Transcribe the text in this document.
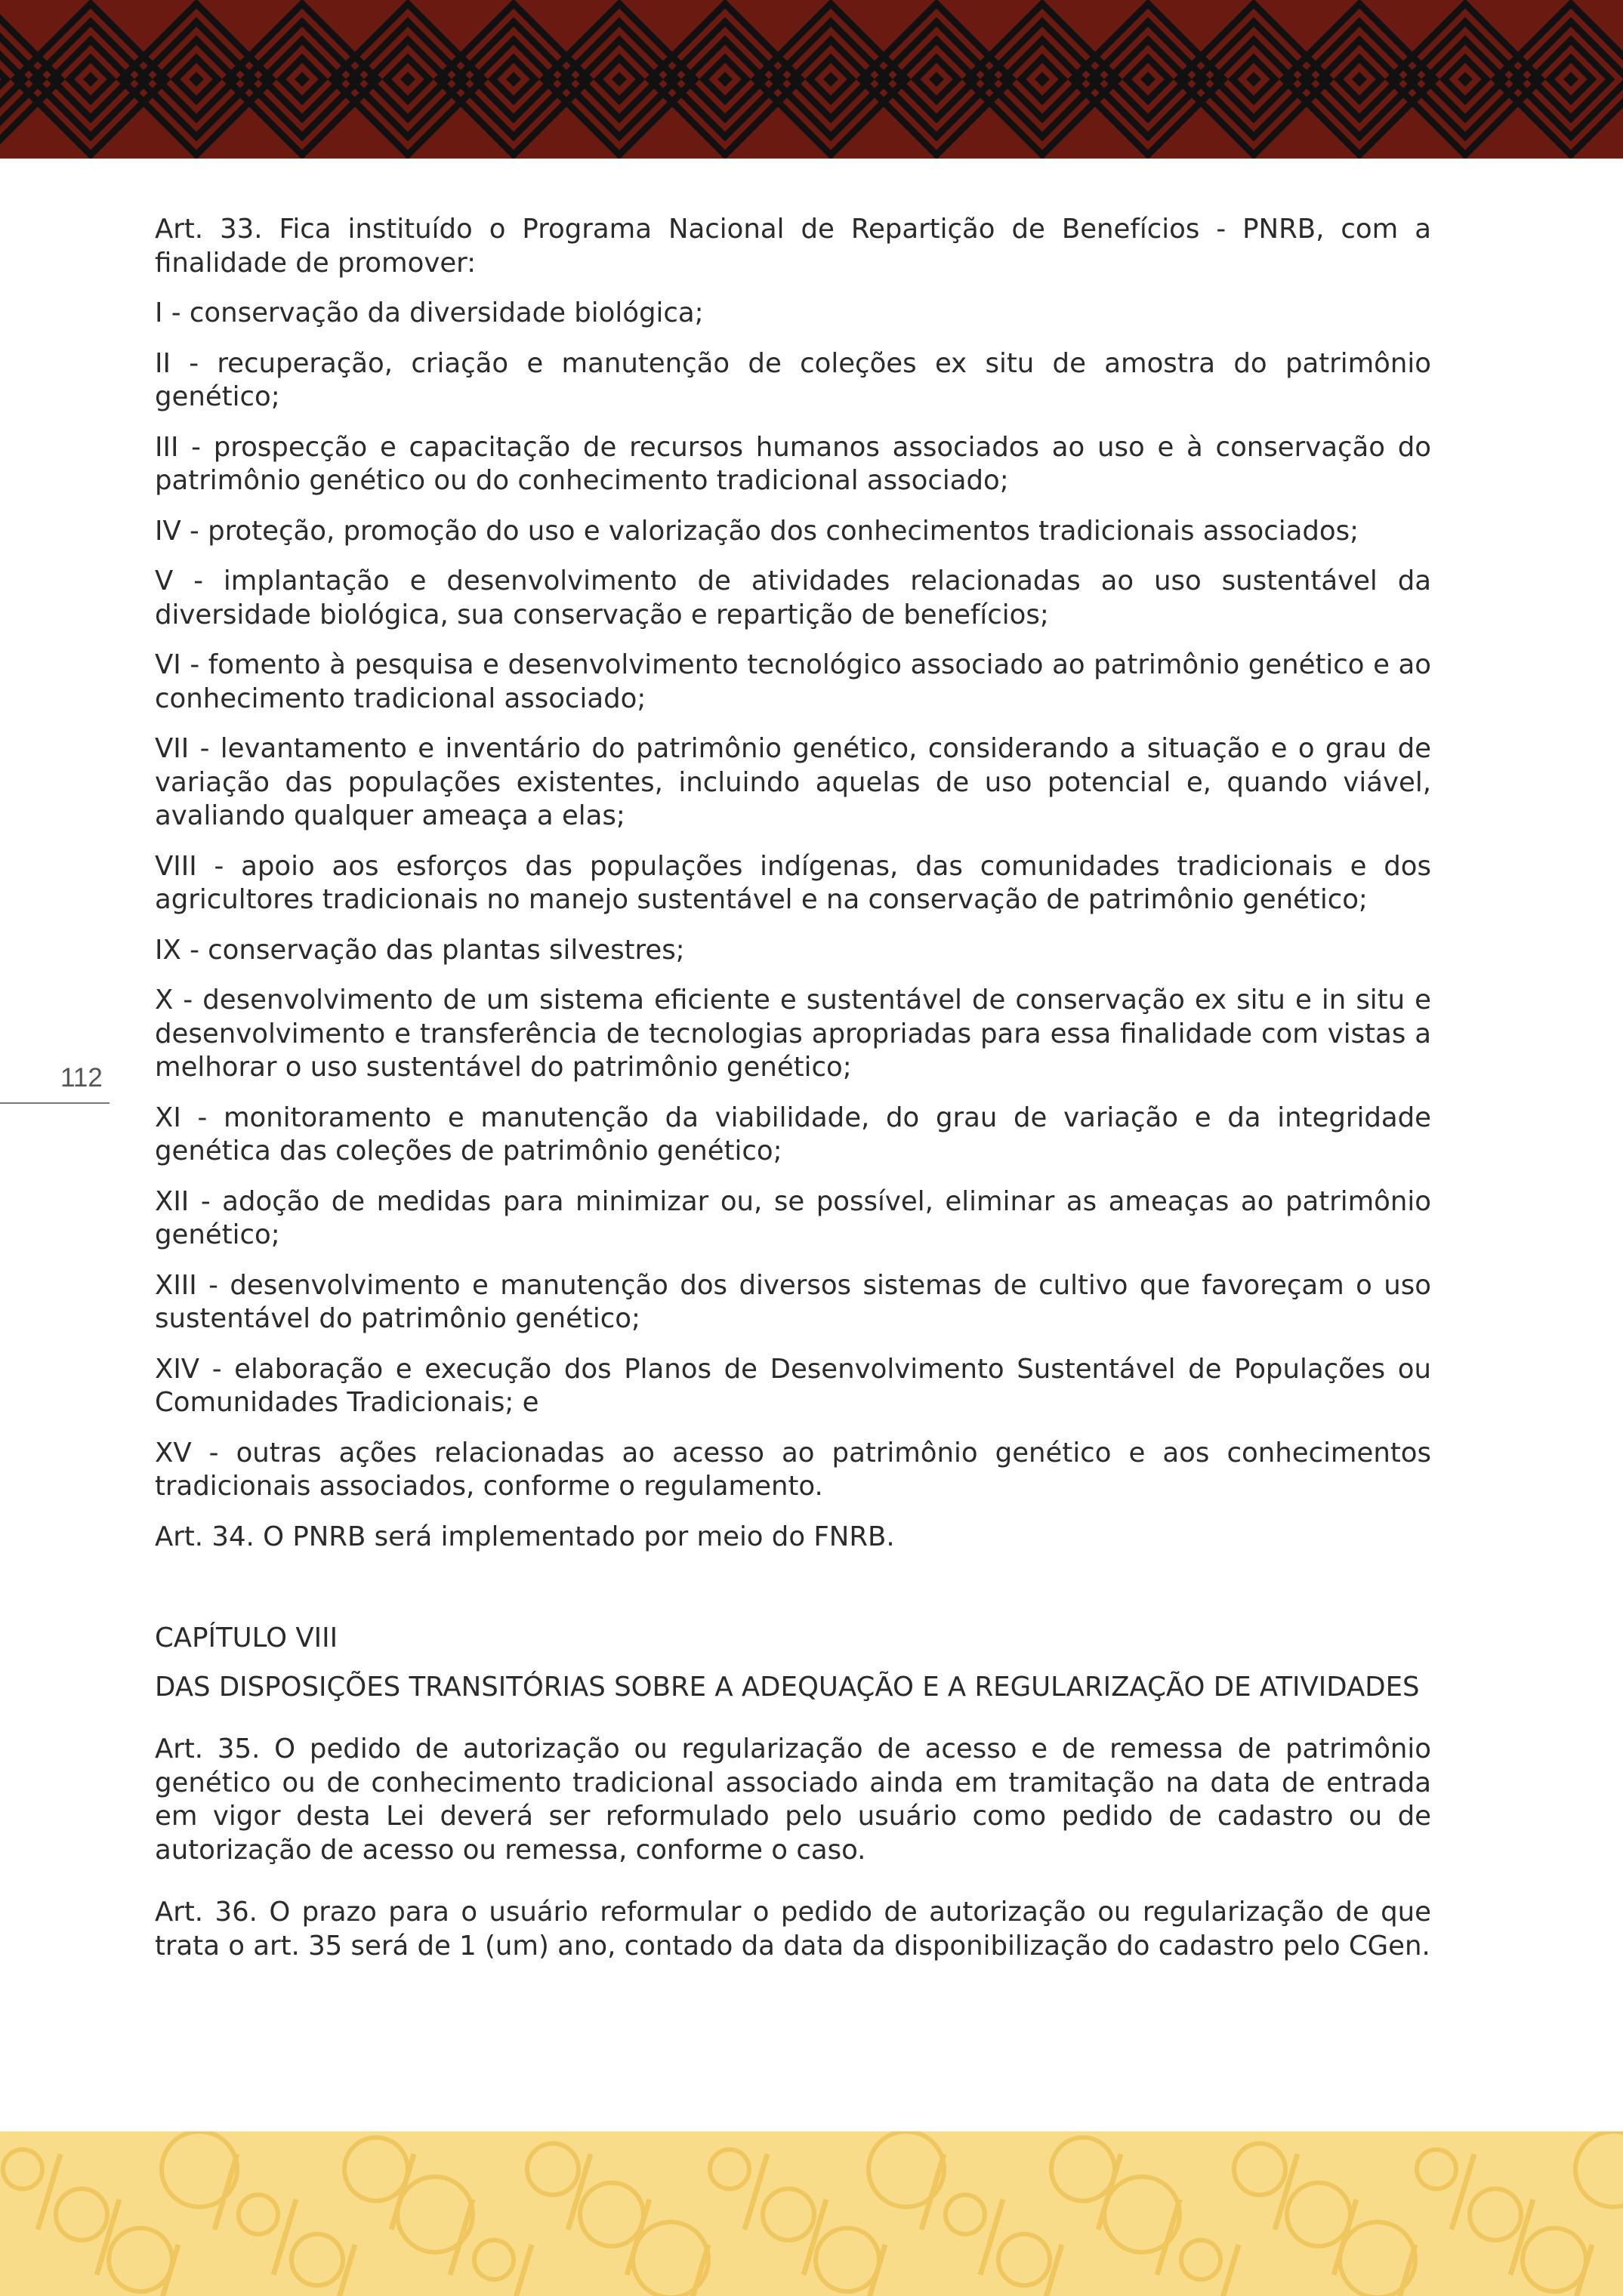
112

Art. 33. Fica instituído o Programa Nacional de Repartição de Benefícios - PNRB, com a finalidade de promover:

I - conservação da diversidade biológica;

II - recuperação, criação e manutenção de coleções ex situ de amostra do patrimônio genético;

III - prospecção e capacitação de recursos humanos associados ao uso e à conservação do patrimônio genético ou do conhecimento tradicional associado;

IV - proteção, promoção do uso e valorização dos conhecimentos tradicionais associados;

V - implantação e desenvolvimento de atividades relacionadas ao uso sustentável da diversidade biológica, sua conservação e repartição de benefícios;

VI - fomento à pesquisa e desenvolvimento tecnológico associado ao patrimônio genético e ao conhecimento tradicional associado;

VII - levantamento e inventário do patrimônio genético, considerando a situação e o grau de variação das populações existentes, incluindo aquelas de uso potencial e, quando viável, avaliando qualquer ameaça a elas;

VIII - apoio aos esforços das populações indígenas, das comunidades tradicionais e dos agricultores tradicionais no manejo sustentável e na conservação de patrimônio genético;

IX - conservação das plantas silvestres;

X - desenvolvimento de um sistema eficiente e sustentável de conservação ex situ e in situ e desenvolvimento e transferência de tecnologias apropriadas para essa finalidade com vistas a melhorar o uso sustentável do patrimônio genético;

XI - monitoramento e manutenção da viabilidade, do grau de variação e da integridade genética das coleções de patrimônio genético;

XII - adoção de medidas para minimizar ou, se possível, eliminar as ameaças ao patrimônio genético;

XIII - desenvolvimento e manutenção dos diversos sistemas de cultivo que favoreçam o uso sustentável do patrimônio genético;

XIV - elaboração e execução dos Planos de Desenvolvimento Sustentável de Populações ou Comunidades Tradicionais; e

XV - outras ações relacionadas ao acesso ao patrimônio genético e aos conhecimentos tradicionais associados, conforme o regulamento.

Art. 34. O PNRB será implementado por meio do FNRB.

CAPÍTULO VIII

DAS DISPOSIÇÕES TRANSITÓRIAS SOBRE A ADEQUAÇÃO E A REGULARIZAÇÃO DE ATIVIDADES

Art. 35. O pedido de autorização ou regularização de acesso e de remessa de patrimônio genético ou de conhecimento tradicional associado ainda em tramitação na data de entrada em vigor desta Lei deverá ser reformulado pelo usuário como pedido de cadastro ou de autorização de acesso ou remessa, conforme o caso.

Art. 36. O prazo para o usuário reformular o pedido de autorização ou regularização de que trata o art. 35 será de 1 (um) ano, contado da data da disponibilização do cadastro pelo CGen.
